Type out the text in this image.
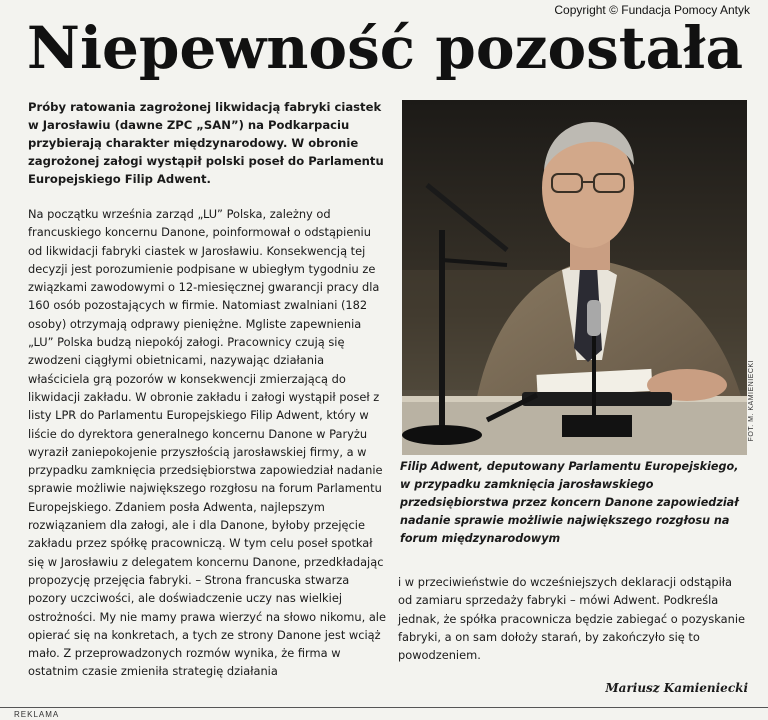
Copyright © Fundacja Pomocy Antyk
Niepewność pozostała

Próby ratowania zagrożonej likwidacją fabryki ciastek w Jarosławiu (dawne ZPC „SAN”) na Podkarpaciu przybierają charakter międzynarodowy. W obronie zagrożonej załogi wystąpił polski poseł do Parlamentu Europejskiego Filip Adwent.

Na początku września zarząd „LU” Polska, zależny od francuskiego koncernu Danone, poinformował o odstąpieniu od likwidacji fabryki ciastek w Jarosławiu. Konsekwencją tej decyzji jest porozumienie podpisane w ubiegłym tygodniu ze związkami zawodowymi o 12-miesięcznej gwarancji pracy dla 160 osób pozostających w firmie. Natomiast zwalniani (182 osoby) otrzymają odprawy pieniężne. Mgliste zapewnienia „LU” Polska budzą niepokój załogi. Pracownicy czują się zwodzeni ciągłymi obietnicami, nazywając działania właściciela grą pozorów w konsekwencji zmierzającą do likwidacji zakładu. W obronie zakładu i załogi wystąpił poseł z listy LPR do Parlamentu Europejskiego Filip Adwent, który w liście do dyrektora generalnego koncernu Danone w Paryżu wyraził zaniepokojenie przyszłością jarosławskiej firmy, a w przypadku zamknięcia przedsiębiorstwa zapowiedział nadanie sprawie możliwie największego rozgłosu na forum Parlamentu Europejskiego. Zdaniem posła Adwenta, najlepszym rozwiązaniem dla załogi, ale i dla Danone, byłoby przejęcie zakładu przez spółkę pracowniczą. W tym celu poseł spotkał się w Jarosławiu z delegatem koncernu Danone, przedkładając propozycję przejęcia fabryki. – Strona francuska stwarza pozory uczciwości, ale doświadczenie uczy nas wielkiej ostrożności. My nie mamy prawa wierzyć na słowo nikomu, ale opierać się na konkretach, a tych ze strony Danone jest wciąż mało. Z przeprowadzonych rozmów wynika, że firma w ostatnim czasie zmieniła strategię działania

FOT. M. KAMIENIECKI

Filip Adwent, deputowany Parlamentu Europejskiego, w przypadku zamknięcia jarosławskiego przedsiębiorstwa przez koncern Danone zapowiedział nadanie sprawie możliwie największego rozgłosu na forum międzynarodowym

i w przeciwieństwie do wcześniejszych deklaracji odstąpiła od zamiaru sprzedaży fabryki – mówi Adwent. Podkreśla jednak, że spółka pracownicza będzie zabiegać o pozyskanie fabryki, a on sam dołoży starań, by zakończyło się to powodzeniem.

Mariusz Kamieniecki

REKLAMA
